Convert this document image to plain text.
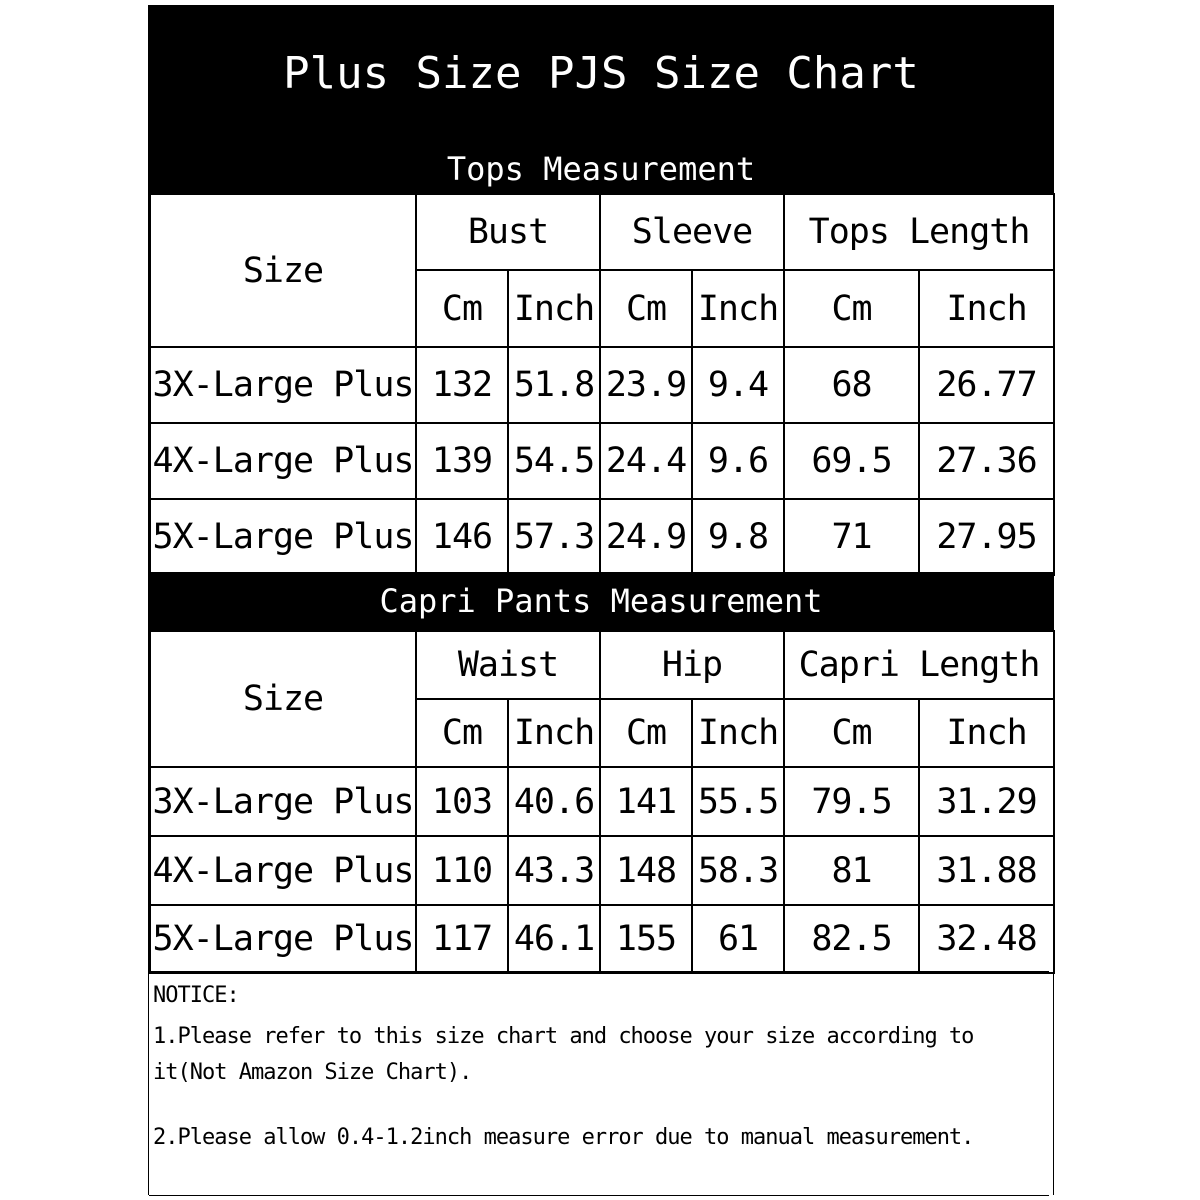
Plus Size PJS Size Chart
Tops Measurement
Size	Bust		Sleeve		Tops Length	
	Cm	Inch	Cm	Inch	Cm	Inch
3X-Large Plus	132	51.8	23.9	9.4	68	26.77
4X-Large Plus	139	54.5	24.4	9.6	69.5	27.36
5X-Large Plus	146	57.3	24.9	9.8	71	27.95
Capri Pants Measurement
Size	Waist		Hip		Capri Length	
	Cm	Inch	Cm	Inch	Cm	Inch
3X-Large Plus	103	40.6	141	55.5	79.5	31.29
4X-Large Plus	110	43.3	148	58.3	81	31.88
5X-Large Plus	117	46.1	155	61	82.5	32.48
NOTICE:
1.Please refer to this size chart and choose your size according to it(Not Amazon Size Chart).
2.Please allow 0.4-1.2inch measure error due to manual measurement.
